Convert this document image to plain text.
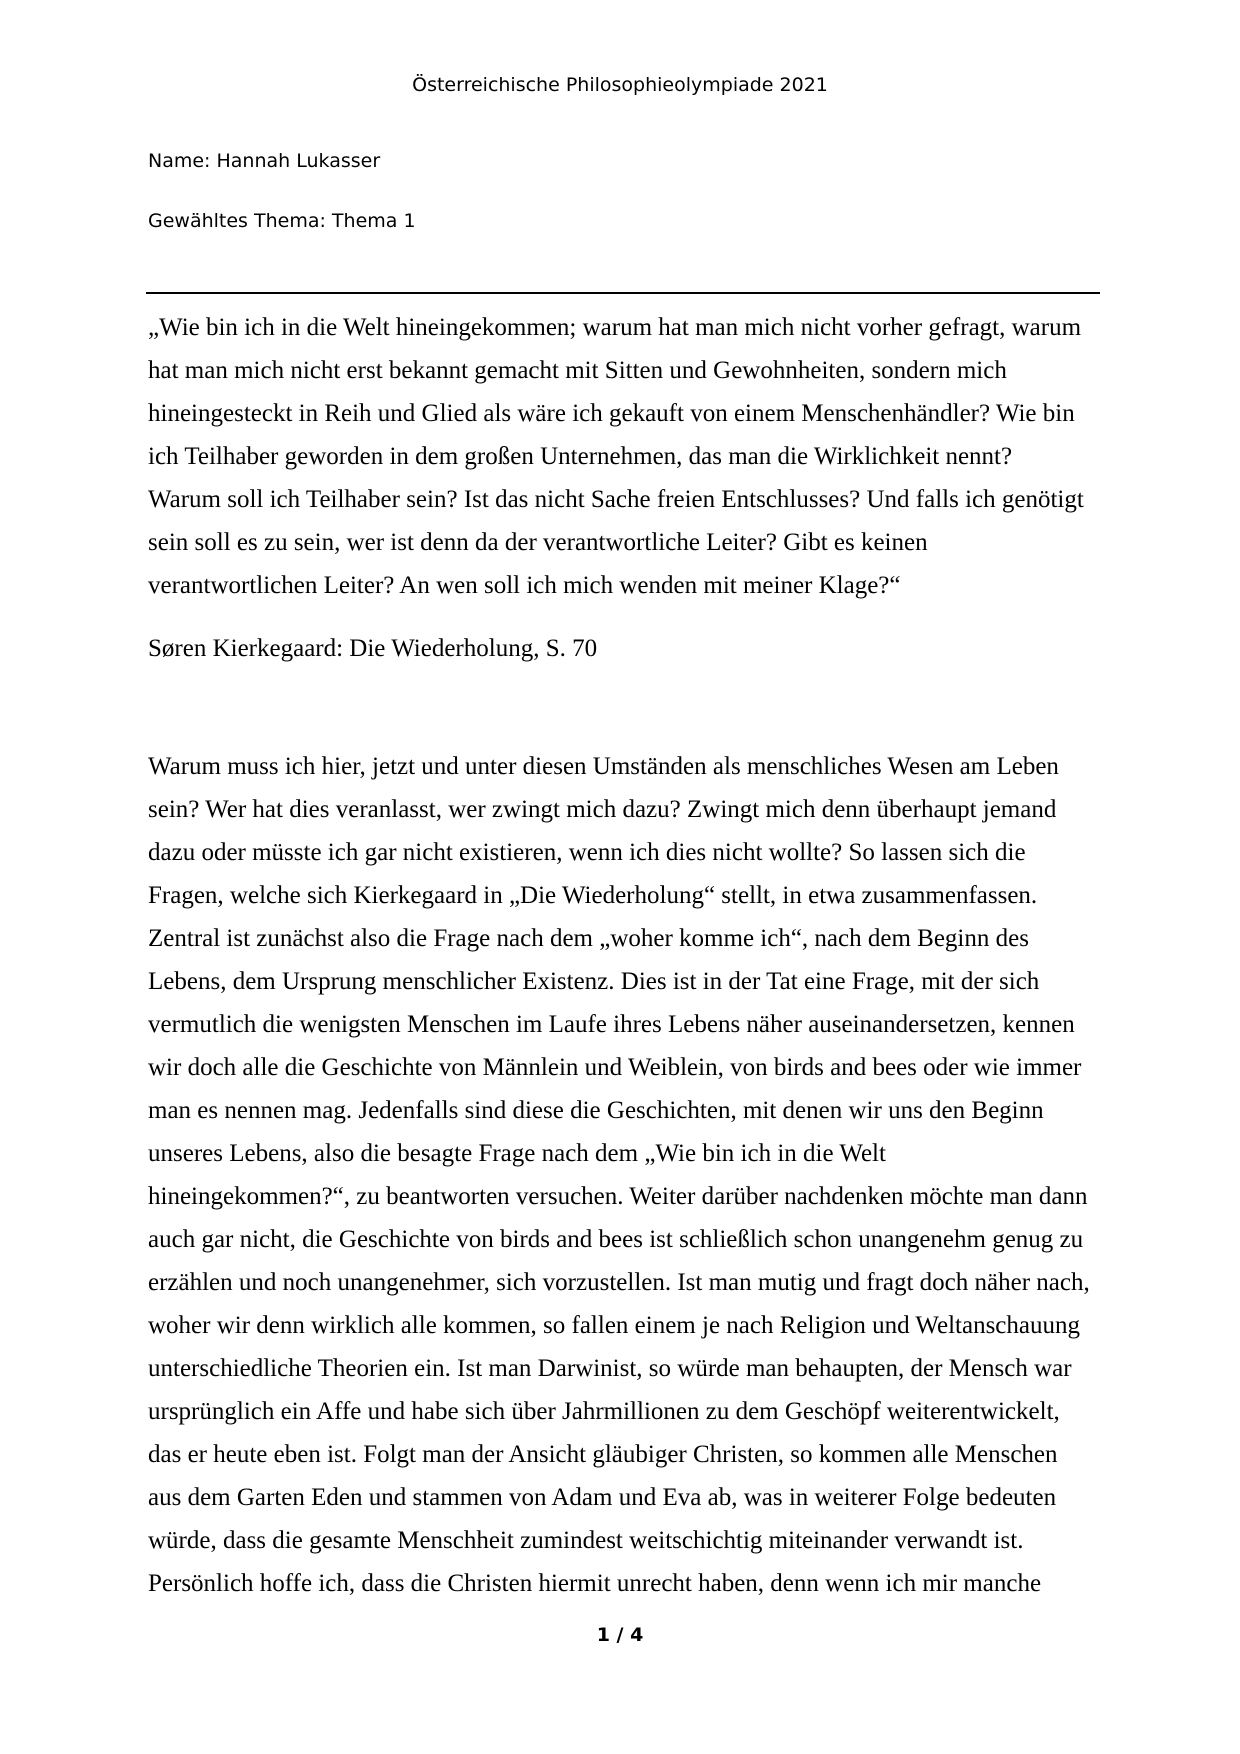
Österreichische Philosophieolympiade 2021
Name: Hannah Lukasser
Gewähltes Thema: Thema 1
„Wie bin ich in die Welt hineingekommen; warum hat man mich nicht vorher gefragt, warum
hat man mich nicht erst bekannt gemacht mit Sitten und Gewohnheiten, sondern mich
hineingesteckt in Reih und Glied als wäre ich gekauft von einem Menschenhändler? Wie bin
ich Teilhaber geworden in dem großen Unternehmen, das man die Wirklichkeit nennt?
Warum soll ich Teilhaber sein? Ist das nicht Sache freien Entschlusses? Und falls ich genötigt
sein soll es zu sein, wer ist denn da der verantwortliche Leiter? Gibt es keinen
verantwortlichen Leiter? An wen soll ich mich wenden mit meiner Klage?“
Søren Kierkegaard: Die Wiederholung, S. 70
Warum muss ich hier, jetzt und unter diesen Umständen als menschliches Wesen am Leben
sein? Wer hat dies veranlasst, wer zwingt mich dazu? Zwingt mich denn überhaupt jemand
dazu oder müsste ich gar nicht existieren, wenn ich dies nicht wollte? So lassen sich die
Fragen, welche sich Kierkegaard in „Die Wiederholung“ stellt, in etwa zusammenfassen.
Zentral ist zunächst also die Frage nach dem „woher komme ich“, nach dem Beginn des
Lebens, dem Ursprung menschlicher Existenz. Dies ist in der Tat eine Frage, mit der sich
vermutlich die wenigsten Menschen im Laufe ihres Lebens näher auseinandersetzen, kennen
wir doch alle die Geschichte von Männlein und Weiblein, von birds and bees oder wie immer
man es nennen mag. Jedenfalls sind diese die Geschichten, mit denen wir uns den Beginn
unseres Lebens, also die besagte Frage nach dem „Wie bin ich in die Welt
hineingekommen?“, zu beantworten versuchen. Weiter darüber nachdenken möchte man dann
auch gar nicht, die Geschichte von birds and bees ist schließlich schon unangenehm genug zu
erzählen und noch unangenehmer, sich vorzustellen. Ist man mutig und fragt doch näher nach,
woher wir denn wirklich alle kommen, so fallen einem je nach Religion und Weltanschauung
unterschiedliche Theorien ein. Ist man Darwinist, so würde man behaupten, der Mensch war
ursprünglich ein Affe und habe sich über Jahrmillionen zu dem Geschöpf weiterentwickelt,
das er heute eben ist. Folgt man der Ansicht gläubiger Christen, so kommen alle Menschen
aus dem Garten Eden und stammen von Adam und Eva ab, was in weiterer Folge bedeuten
würde, dass die gesamte Menschheit zumindest weitschichtig miteinander verwandt ist.
Persönlich hoffe ich, dass die Christen hiermit unrecht haben, denn wenn ich mir manche
1 / 4
